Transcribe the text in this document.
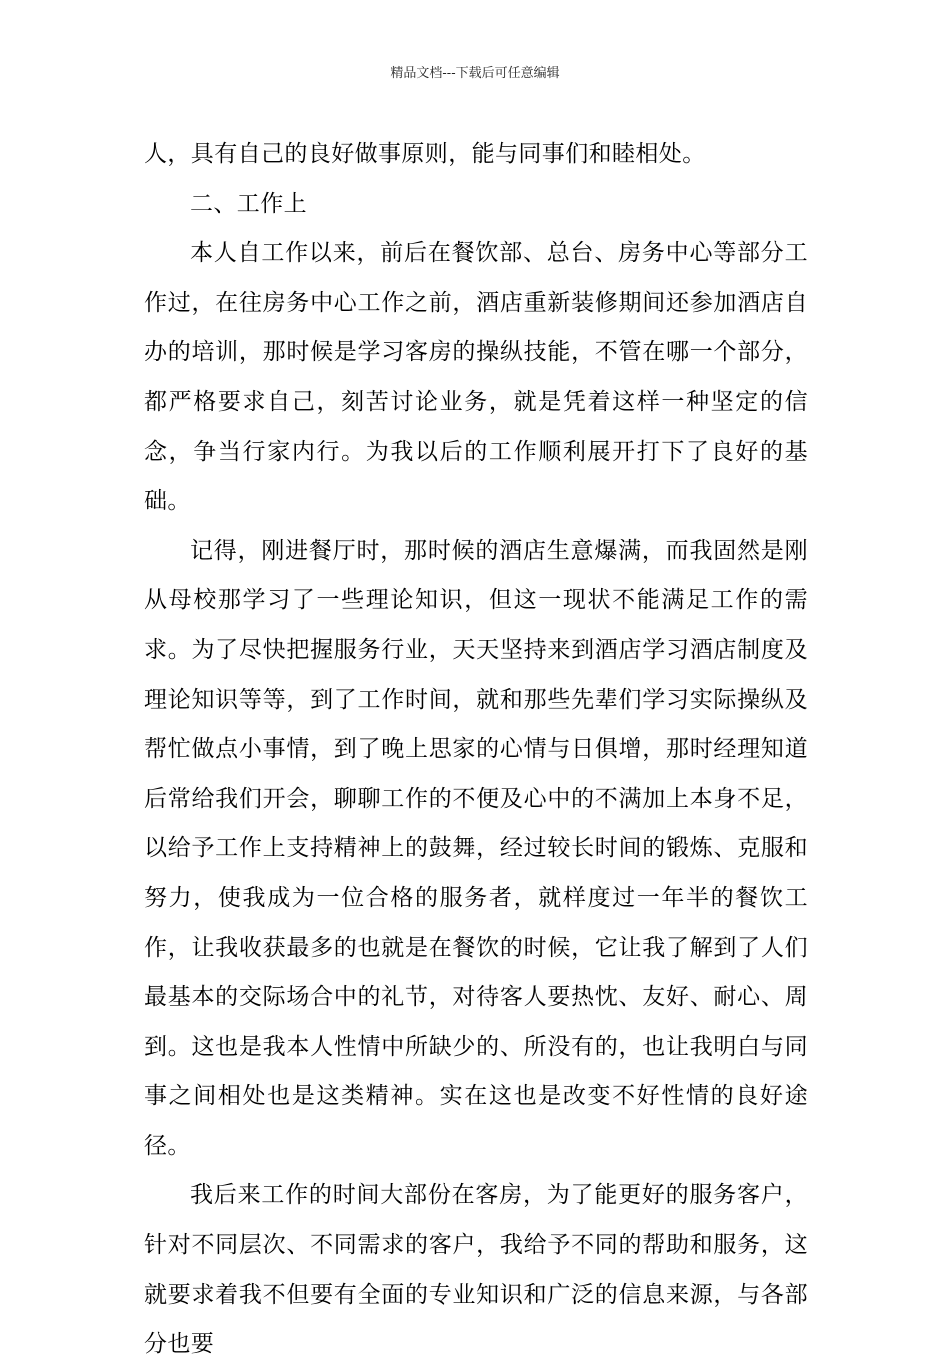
精品文档---下载后可任意编辑

人，具有自己的良好做事原则，能与同事们和睦相处。

二、工作上

本人自工作以来，前后在餐饮部、总台、房务中心等部分工作过，在往房务中心工作之前，酒店重新装修期间还参加酒店自办的培训，那时候是学习客房的操纵技能，不管在哪一个部分，都严格要求自己，刻苦讨论业务，就是凭着这样一种坚定的信念，争当行家内行。为我以后的工作顺利展开打下了良好的基础。

记得，刚进餐厅时，那时候的酒店生意爆满，而我固然是刚从母校那学习了一些理论知识，但这一现状不能满足工作的需求。为了尽快把握服务行业，天天坚持来到酒店学习酒店制度及理论知识等等，到了工作时间，就和那些先辈们学习实际操纵及帮忙做点小事情，到了晚上思家的心情与日俱增，那时经理知道后常给我们开会，聊聊工作的不便及心中的不满加上本身不足，以给予工作上支持精神上的鼓舞，经过较长时间的锻炼、克服和努力，使我成为一位合格的服务者，就样度过一年半的餐饮工作，让我收获最多的也就是在餐饮的时候，它让我了解到了人们最基本的交际场合中的礼节，对待客人要热忱、友好、耐心、周到。这也是我本人性情中所缺少的、所没有的，也让我明白与同事之间相处也是这类精神。实在这也是改变不好性情的良好途径。

我后来工作的时间大部份在客房，为了能更好的服务客户，针对不同层次、不同需求的客户，我给予不同的帮助和服务，这就要求着我不但要有全面的专业知识和广泛的信息来源，与各部分也要
